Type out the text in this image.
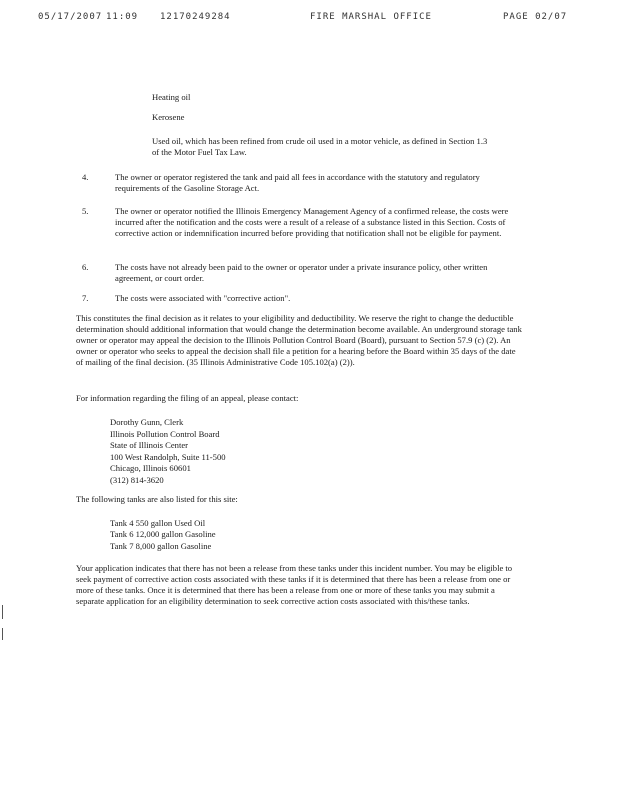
05/17/2007 11:09 12170249284	FIRE MARSHAL OFFICE	PAGE 02/07
Heating oil
Kerosene
Used oil, which has been refined from crude oil used in a motor vehicle, as defined in Section 1.3 of the Motor Fuel Tax Law.
4.	The owner or operator registered the tank and paid all fees in accordance with the statutory and regulatory requirements of the Gasoline Storage Act.
5.	The owner or operator notified the Illinois Emergency Management Agency of a confirmed release, the costs were incurred after the notification and the costs were a result of a release of a substance listed in this Section. Costs of corrective action or indemnification incurred before providing that notification shall not be eligible for payment.
6.	The costs have not already been paid to the owner or operator under a private insurance policy, other written agreement, or court order.
7.	The costs were associated with "corrective action".
This constitutes the final decision as it relates to your eligibility and deductibility. We reserve the right to change the deductible determination should additional information that would change the determination become available. An underground storage tank owner or operator may appeal the decision to the Illinois Pollution Control Board (Board), pursuant to Section 57.9 (c) (2). An owner or operator who seeks to appeal the decision shall file a petition for a hearing before the Board within 35 days of the date of mailing of the final decision. (35 Illinois Administrative Code 105.102(a) (2)).
For information regarding the filing of an appeal, please contact:
Dorothy Gunn, Clerk
Illinois Pollution Control Board
State of Illinois Center
100 West Randolph, Suite 11-500
Chicago, Illinois 60601
(312) 814-3620
The following tanks are also listed for this site:
Tank 4 550 gallon Used Oil
Tank 6 12,000 gallon Gasoline
Tank 7 8,000 gallon Gasoline
Your application indicates that there has not been a release from these tanks under this incident number. You may be eligible to seek payment of corrective action costs associated with these tanks if it is determined that there has been a release from one or more of these tanks. Once it is determined that there has been a release from one or more of these tanks you may submit a separate application for an eligibility determination to seek corrective action costs associated with this/these tanks.
